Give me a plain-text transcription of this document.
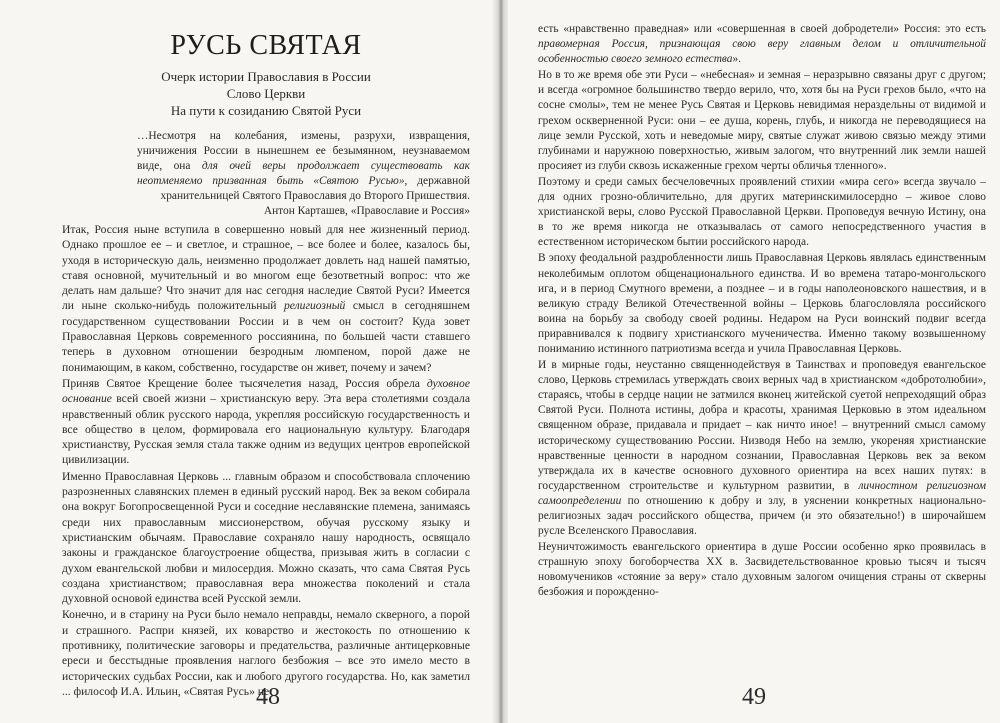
РУСЬ СВЯТАЯ
Очерк истории Православия в России
Слово Церкви
На пути к созиданию Святой Руси
…Несмотря на колебания, измены, разрухи, извращения, уничижения России в нынешнем ее безымянном, неузнаваемом виде, она для очей веры продолжает существовать как неотменяемо призванная быть «Святою Русью», державной хранительницей Святого Православия до Второго Пришествия.
Антон Карташев, «Православие и Россия»

Итак, Россия ныне вступила в совершенно новый для нее жизненный период. Однако прошлое ее – и светлое, и страшное, – все более и более, казалось бы, уходя в историческую даль, неизменно продолжает довлеть над нашей памятью, ставя основной, мучительный и во многом еще безответный вопрос: что же делать нам дальше? Что значит для нас сегодня наследие Святой Руси? Имеется ли ныне сколько-нибудь положительный религиозный смысл в сегодняшнем государственном существовании России и в чем он состоит? Куда зовет Православная Церковь современного россиянина, по большей части ставшего теперь в духовном отношении безродным люмпеном, порой даже не понимающим, в каком, собственно, государстве он живет, почему и зачем?

Приняв Святое Крещение более тысячелетия назад, Россия обрела духовное основание всей своей жизни – христианскую веру. Эта вера столетиями создала нравственный облик русского народа, укрепляя российскую государственность и все общество в целом, формировала его национальную культуру. Благодаря христианству, Русская земля стала также одним из ведущих центров европейской цивилизации.

Именно Православная Церковь ... главным образом и способствовала сплочению разрозненных славянских племен в единый русский народ. Век за веком собирала она вокруг Богопросвещенной Руси и соседние неславянские племена, занимаясь среди них православным миссионерством, обучая русскому языку и христианским обычаям. Православие сохраняло нашу народность, освящало законы и гражданское благоустроение общества, призывая жить в согласии с духом евангельской любви и милосердия. Можно сказать, что сама Святая Русь создана христианством; православная вера множества поколений и стала духовной основой единства всей Русской земли.

Конечно, и в старину на Руси было немало неправды, немало скверного, а порой и страшного. Распри князей, их коварство и жестокость по отношению к противнику, политические заговоры и предательства, различные антицерковные ереси и бесстыдные проявления наглого безбожия – все это имело место в исторических судьбах России, как и любого другого государства. Но, как заметил ... философ И.А. Ильин, «Святая Русь» не

48

есть «нравственно праведная» или «совершенная в своей добродетели» Россия: это есть правомерная Россия, признающая свою веру главным делом и отличительной особенностью своего земного естества».

Но в то же время обе эти Руси – «небесная» и земная – неразрывно связаны друг с другом; и всегда «огромное большинство твердо верило, что, хотя бы на Руси грехов было, «что на сосне смолы», тем не менее Русь Святая и Церковь невидимая нераздельны от видимой и грехом оскверненной Руси: они – ее душа, корень, глубь, и никогда не переводящиеся на лице земли Русской, хоть и неведомые миру, святые служат живою связью между этими глубинами и наружною поверхностью, живым залогом, что внутренний лик земли нашей просияет из глуби сквозь искаженные грехом черты обличья тленного».

Поэтому и среди самых бесчеловечных проявлений стихии «мира сего» всегда звучало – для одних грозно-обличительно, для других материнскимилосердно – живое слово христианской веры, слово Русской Православной Церкви. Проповедуя вечную Истину, она в то же время никогда не отказывалась от самого непосредственного участия в естественном историческом бытии российского народа.

В эпоху феодальной раздробленности лишь Православная Церковь являлась единственным неколебимым оплотом общенационального единства. И во времена татаро-монгольского ига, и в период Смутного времени, а позднее – и в годы наполеоновского нашествия, и в великую страду Великой Отечественной войны – Церковь благословляла российского воина на борьбу за свободу своей родины. Недаром на Руси воинский подвиг всегда приравнивался к подвигу христианского мученичества. Именно такому возвышенному пониманию истинного патриотизма всегда и учила Православная Церковь.

И в мирные годы, неустанно священнодействуя в Таинствах и проповедуя евангельское слово, Церковь стремилась утверждать своих верных чад в христианском «добротолюбии», стараясь, чтобы в сердце нации не затмился вконец житейской суетой непреходящий образ Святой Руси. Полнота истины, добра и красоты, хранимая Церковью в этом идеальном священном образе, придавала и придает – как ничто иное! – внутренний смысл самому историческому существованию России. Низводя Небо на землю, укореняя христианские нравственные ценности в народном сознании, Православная Церковь век за веком утверждала их в качестве основного духовного ориентира на всех наших путях: в государственном строительстве и культурном развитии, в личностном религиозном самоопределении по отношению к добру и злу, в уяснении конкретных национально-религиозных задач российского общества, причем (и это обязательно!) в широчайшем русле Вселенского Православия.

Неуничтожимость евангельского ориентира в душе России особенно ярко проявилась в страшную эпоху богоборчества XX в. Засвидетельствованное кровью тысяч и тысяч новомучеников «стояние за веру» стало духовным залогом очищения страны от скверны безбожия и порожденно-

49
